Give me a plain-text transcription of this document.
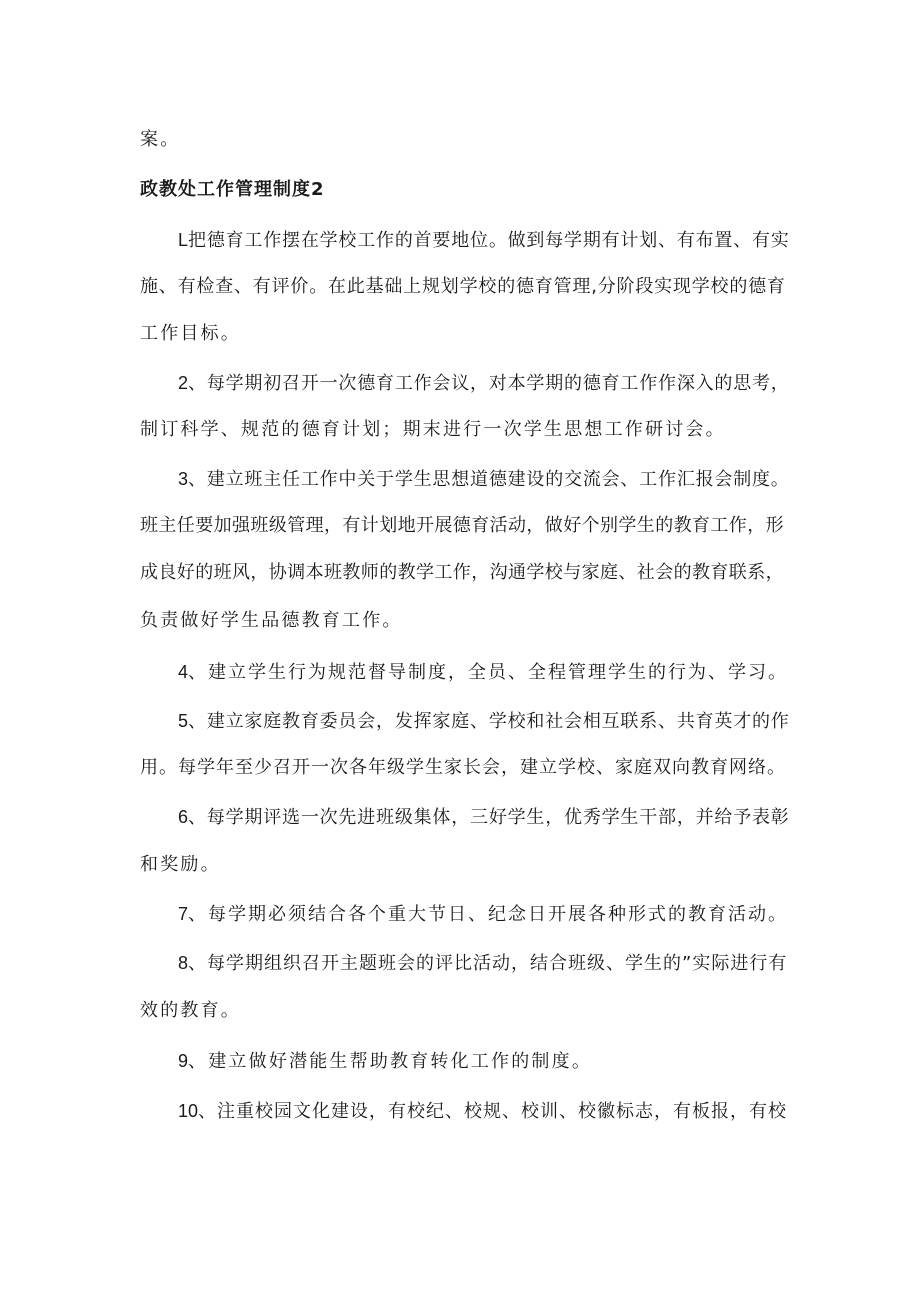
案。
政教处工作管理制度2
L把德育工作摆在学校工作的首要地位。做到每学期有计划、有布置、有实
施、有检查、有评价。在此基础上规划学校的德育管理,分阶段实现学校的德育
工作目标。
2、每学期初召开一次德育工作会议，对本学期的德育工作作深入的思考，
制订科学、规范的德育计划；期末进行一次学生思想工作研讨会。
3、建立班主任工作中关于学生思想道德建设的交流会、工作汇报会制度。
班主任要加强班级管理，有计划地开展德育活动，做好个别学生的教育工作，形
成良好的班风，协调本班教师的教学工作，沟通学校与家庭、社会的教育联系，
负责做好学生品德教育工作。
4、建立学生行为规范督导制度，全员、全程管理学生的行为、学习。
5、建立家庭教育委员会，发挥家庭、学校和社会相互联系、共育英才的作
用。每学年至少召开一次各年级学生家长会，建立学校、家庭双向教育网络。
6、每学期评选一次先进班级集体，三好学生，优秀学生干部，并给予表彰
和奖励。
7、每学期必须结合各个重大节日、纪念日开展各种形式的教育活动。
8、每学期组织召开主题班会的评比活动，结合班级、学生的”实际进行有
效的教育。
9、建立做好潜能生帮助教育转化工作的制度。
10、注重校园文化建设，有校纪、校规、校训、校徽标志，有板报，有校
